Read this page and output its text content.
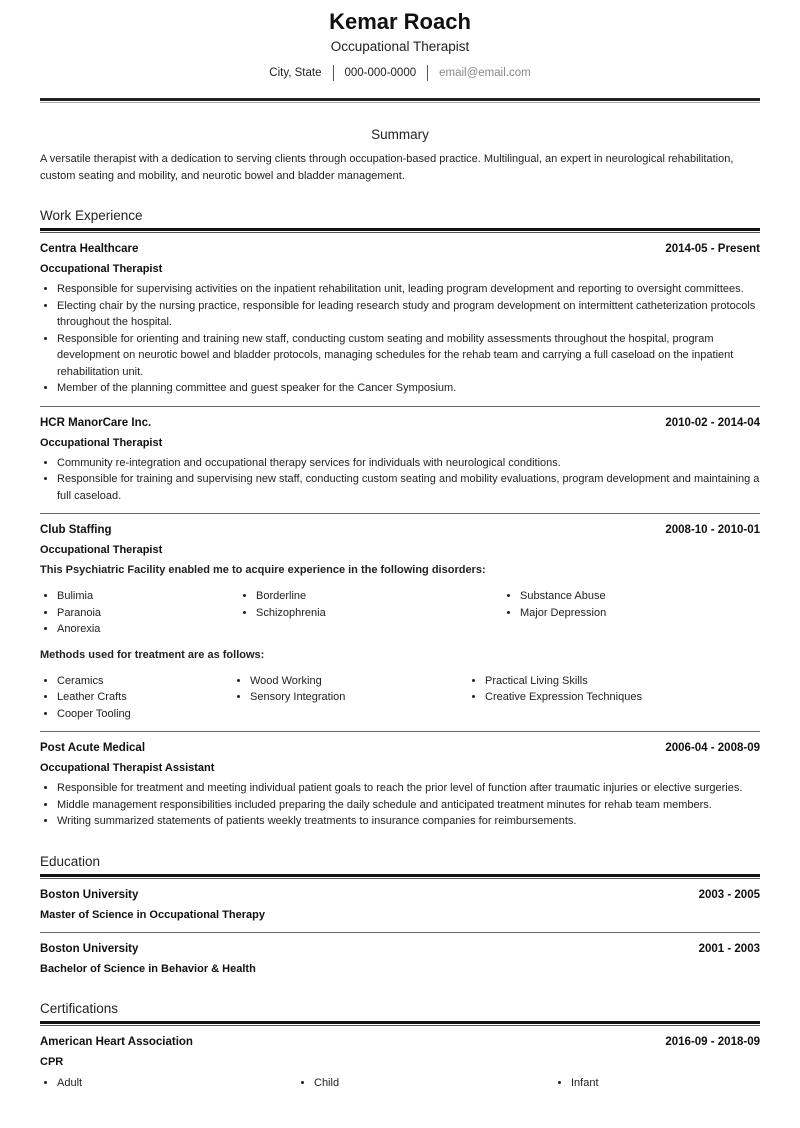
Kemar Roach
Occupational Therapist
City, State	000-000-0000	email@email.com
Summary
A versatile therapist with a dedication to serving clients through occupation-based practice. Multilingual, an expert in neurological rehabilitation, custom seating and mobility, and neurotic bowel and bladder management.
Work Experience
Centra Healthcare	2014-05 - Present
Occupational Therapist
• Responsible for supervising activities on the inpatient rehabilitation unit, leading program development and reporting to oversight committees.
• Electing chair by the nursing practice, responsible for leading research study and program development on intermittent catheterization protocols throughout the hospital.
• Responsible for orienting and training new staff, conducting custom seating and mobility assessments throughout the hospital, program development on neurotic bowel and bladder protocols, managing schedules for the rehab team and carrying a full caseload on the inpatient rehabilitation unit.
• Member of the planning committee and guest speaker for the Cancer Symposium.
HCR ManorCare Inc.	2010-02 - 2014-04
Occupational Therapist
• Community re-integration and occupational therapy services for individuals with neurological conditions.
• Responsible for training and supervising new staff, conducting custom seating and mobility evaluations, program development and maintaining a full caseload.
Club Staffing	2008-10 - 2010-01
Occupational Therapist
This Psychiatric Facility enabled me to acquire experience in the following disorders:
• Bulimia
• Paranoia
• Anorexia
• Borderline
• Schizophrenia
• Substance Abuse
• Major Depression
Methods used for treatment are as follows:
• Ceramics
• Leather Crafts
• Cooper Tooling
• Wood Working
• Sensory Integration
• Practical Living Skills
• Creative Expression Techniques
Post Acute Medical	2006-04 - 2008-09
Occupational Therapist Assistant
• Responsible for treatment and meeting individual patient goals to reach the prior level of function after traumatic injuries or elective surgeries.
• Middle management responsibilities included preparing the daily schedule and anticipated treatment minutes for rehab team members.
• Writing summarized statements of patients weekly treatments to insurance companies for reimbursements.
Education
Boston University	2003 - 2005
Master of Science in Occupational Therapy
Boston University	2001 - 2003
Bachelor of Science in Behavior & Health
Certifications
American Heart Association	2016-09 - 2018-09
CPR
• Adult	• Child	• Infant
